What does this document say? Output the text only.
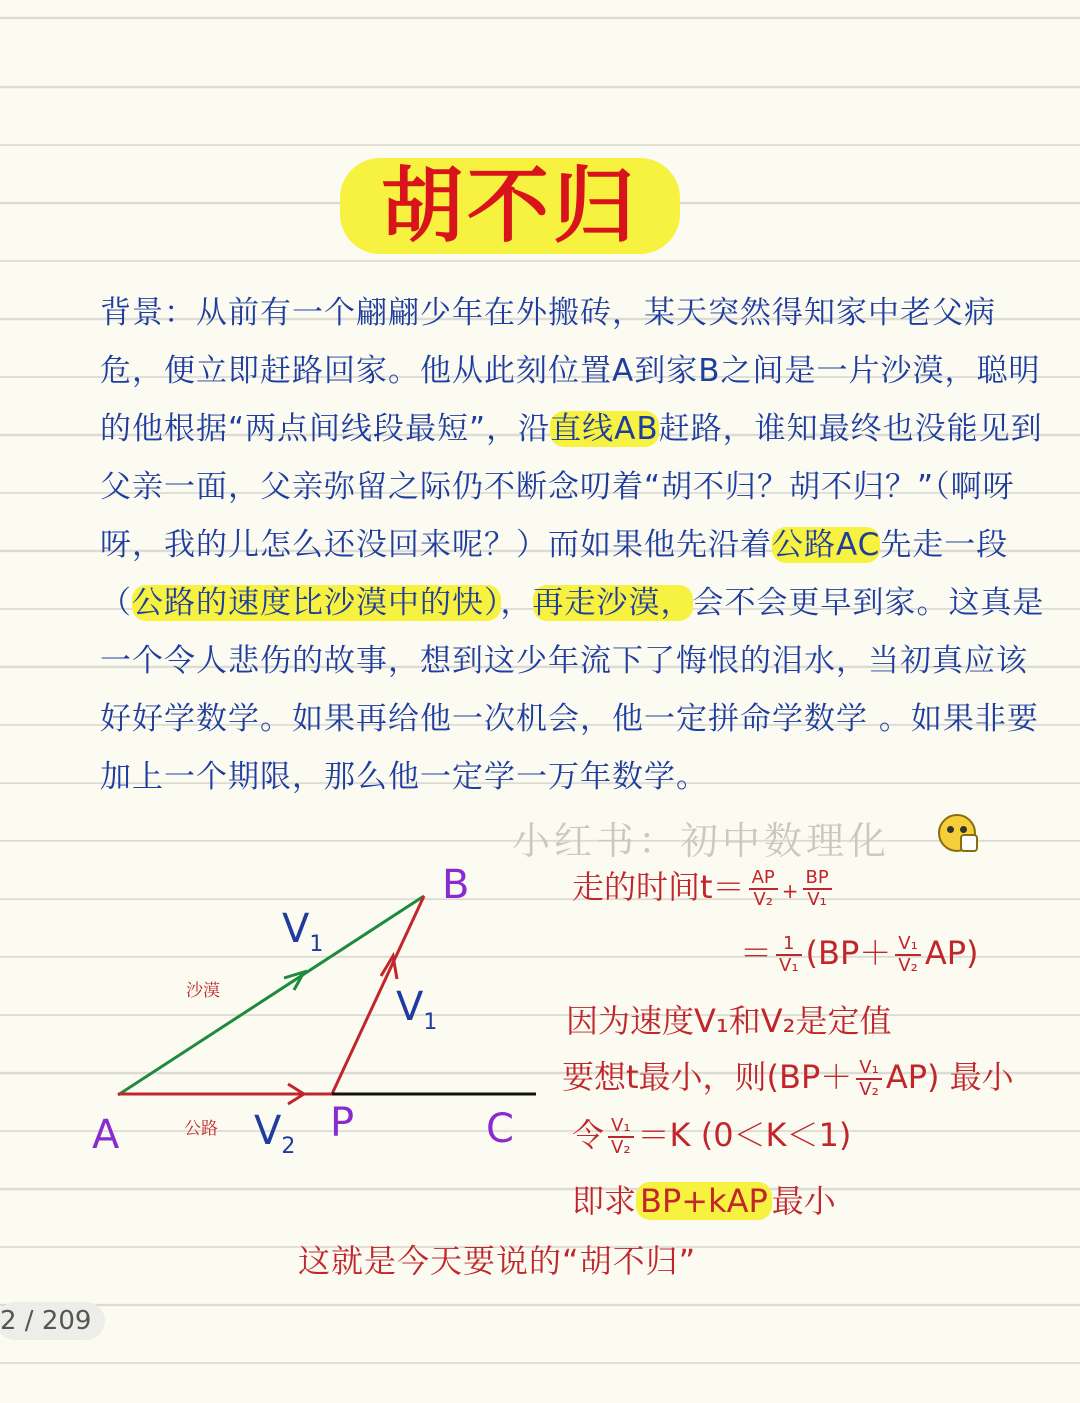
胡不归
背景：从前有一个翩翩少年在外搬砖，某天突然得知家中老父病危，便立即赶路回家。他从此刻位置A到家B之间是一片沙漠，聪明的他根据“两点间线段最短”，沿直线AB赶路，谁知最终也没能见到父亲一面，父亲弥留之际仍不断念叨着“胡不归？胡不归？”（啊呀呀，我的儿怎么还没回来呢？）而如果他先沿着公路AC先走一段（公路的速度比沙漠中的快），再走沙漠，会不会更早到家。这真是一个令人悲伤的故事，想到这少年流下了悔恨的泪水，当初真应该好好学数学。如果再给他一次机会，他一定拼命学数学 。如果非要加上一个期限，那么他一定学一万年数学。
小红书：初中数理化
B
A	P	C
沙漠
公路
$V_1$
$V_1$
$V_2$
走的时间$t= \frac{AP}{\text{V₂}} + \frac{BP}{\text{V₁}}$
＝ $\frac{1}{\text{V₁}} (BP+ \frac{\text{V₁}}{\text{V₂}} AP)$
因为速度V₁和V₂是定值
要想t最小，则$(BP+ \frac{\text{V₁}}{\text{V₂}} AP)$ 最小
令 $\frac{\text{V₁}}{\text{V₂}} =K$ (0＜K＜1)
即求 BP+kAP 最小
这就是今天要说的“胡不归”
2 / 209
